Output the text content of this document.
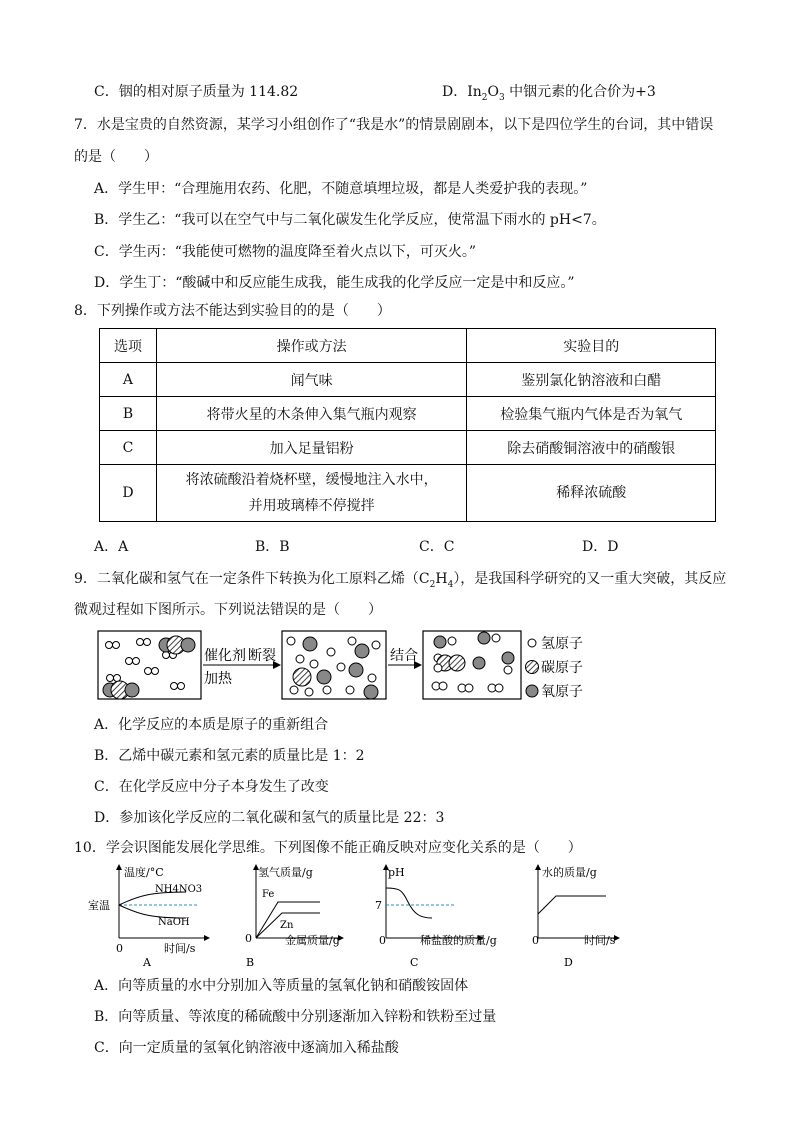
C．铟的相对原子质量为 114.82	D．$In_2O_3$ 中铟元素的化合价为+3
7．水是宝贵的自然资源，某学习小组创作了“我是水”的情景剧剧本，以下是四位学生的台词，其中错误
的是（　　）
A．学生甲：“合理施用农药、化肥，不随意填埋垃圾，都是人类爱护我的表现。”
B．学生乙：“我可以在空气中与二氧化碳发生化学反应，使常温下雨水的 pH<7。
C．学生丙：“我能使可燃物的温度降至着火点以下，可灭火。”
D．学生丁：“酸碱中和反应能生成我，能生成我的化学反应一定是中和反应。”
8．下列操作或方法不能达到实验目的的是（　　）
选项	操作或方法	实验目的
A	闻气味	鉴别氯化钠溶液和白醋
B	将带火星的木条伸入集气瓶内观察	检验集气瓶内气体是否为氧气
C	加入足量铝粉	除去硝酸铜溶液中的硝酸银
D	将浓硫酸沿着烧杯壁，缓慢地注入水中，
并用玻璃棒不停搅拌	稀释浓硫酸
A．A	B．B	C．C	D．D
9．二氧化碳和氢气在一定条件下转换为化工原料乙烯$(C_2H_4)$，是我国科学研究的又一重大突破，其反应
微观过程如下图所示。下列说法错误的是（　　）
催化剂 断裂
加热
结合
氢原子
碳原子
氧原子
A．化学反应的本质是原子的重新组合
B．乙烯中碳元素和氢元素的质量比是 1：2
C．在化学反应中分子本身发生了改变
D．参加该化学反应的二氧化碳和氢气的质量比是 22：3
10．学会识图能发展化学思维。下列图像不能正确反映对应变化关系的是（　　）
温度/°C
室温
NH4NO3
NaOH
0	时间/s
A
氢气质量/g
Fe
Zn
0	金属质量/g
B
pH
7
0	稀盐酸的质量/g
C
水的质量/g
0	时间/s
D
A．向等质量的水中分别加入等质量的氢氧化钠和硝酸铵固体
B．向等质量、等浓度的稀硫酸中分别逐渐加入锌粉和铁粉至过量
C．向一定质量的氢氧化钠溶液中逐滴加入稀盐酸
